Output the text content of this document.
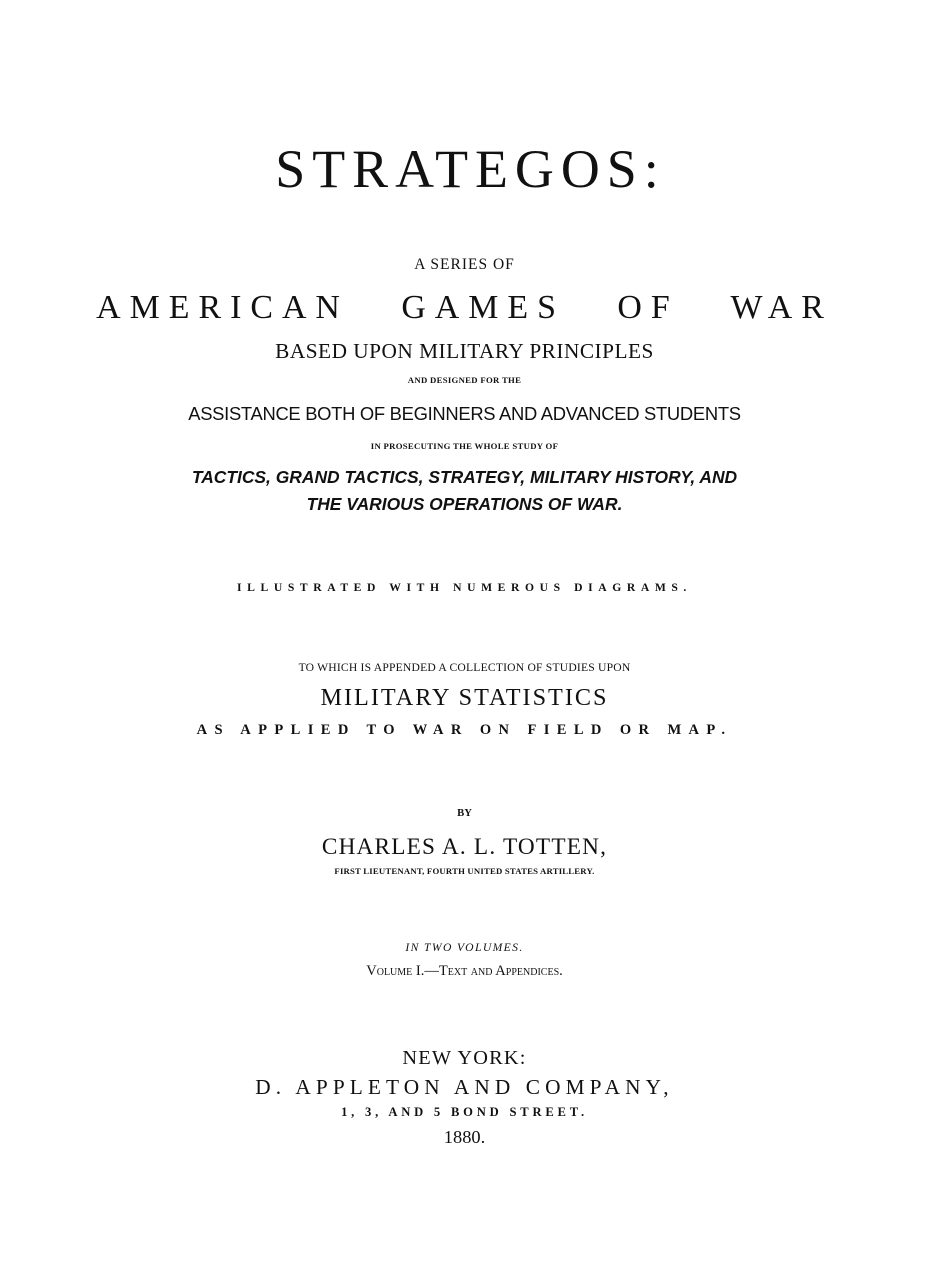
STRATEGOS:
A SERIES OF
AMERICAN   GAMES   OF   WAR
BASED UPON MILITARY PRINCIPLES
AND DESIGNED FOR THE
ASSISTANCE BOTH OF BEGINNERS AND ADVANCED STUDENTS
IN PROSECUTING THE WHOLE STUDY OF
TACTICS, GRAND TACTICS, STRATEGY, MILITARY HISTORY, AND
THE VARIOUS OPERATIONS OF WAR.
ILLUSTRATED WITH NUMEROUS DIAGRAMS.
TO WHICH IS APPENDED A COLLECTION OF STUDIES UPON
MILITARY STATISTICS
AS APPLIED TO WAR ON FIELD OR MAP.
BY
CHARLES A. L. TOTTEN,
FIRST LIEUTENANT, FOURTH UNITED STATES ARTILLERY.
IN TWO VOLUMES.
Volume I.—Text and Appendices.
NEW YORK:
D. APPLETON AND COMPANY,
1, 3, AND 5 BOND STREET.
1880.
